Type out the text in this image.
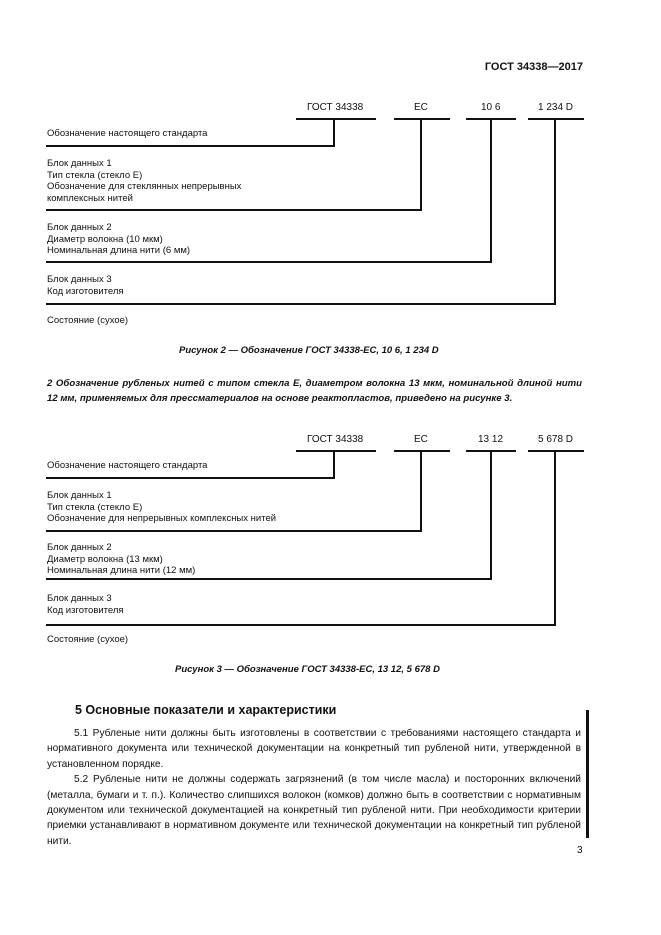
ГОСТ 34338—2017
ГОСТ 34338	ЕС	10 6	1 234 D
Обозначение настоящего стандарта
Блок данных 1
Тип стекла (стекло Е)
Обозначение для стеклянных непрерывных
комплексных нитей
Блок данных 2
Диаметр волокна (10 мкм)
Номинальная длина нити (6 мм)
Блок данных 3
Код изготовителя
Состояние (сухое)
Рисунок 2 — Обозначение ГОСТ 34338-ЕС, 10 6, 1 234 D
2 Обозначение рубленых нитей с типом стекла Е, диаметром волокна 13 мкм, номинальной длиной нити 12 мм, применяемых для прессматериалов на основе реактопластов, приведено на рисунке 3.
ГОСТ 34338	ЕС	13 12	5 678 D
Обозначение настоящего стандарта
Блок данных 1
Тип стекла (стекло Е)
Обозначение для непрерывных комплексных нитей
Блок данных 2
Диаметр волокна (13 мкм)
Номинальная длина нити (12 мм)
Блок данных 3
Код изготовителя
Состояние (сухое)
Рисунок 3 — Обозначение ГОСТ 34338-ЕС, 13 12, 5 678 D
5 Основные показатели и характеристики

5.1 Рубленые нити должны быть изготовлены в соответствии с требованиями настоящего стандарта и нормативного документа или технической документации на конкретный тип рубленой нити, утвержденной в установленном порядке.

5.2 Рубленые нити не должны содержать загрязнений (в том числе масла) и посторонних включений (металла, бумаги и т. п.). Количество слипшихся волокон (комков) должно быть в соответствии с нормативным документом или технической документацией на конкретный тип рубленой нити. При необходимости критерии приемки устанавливают в нормативном документе или технической документации на конкретный тип рубленой нити.

3
